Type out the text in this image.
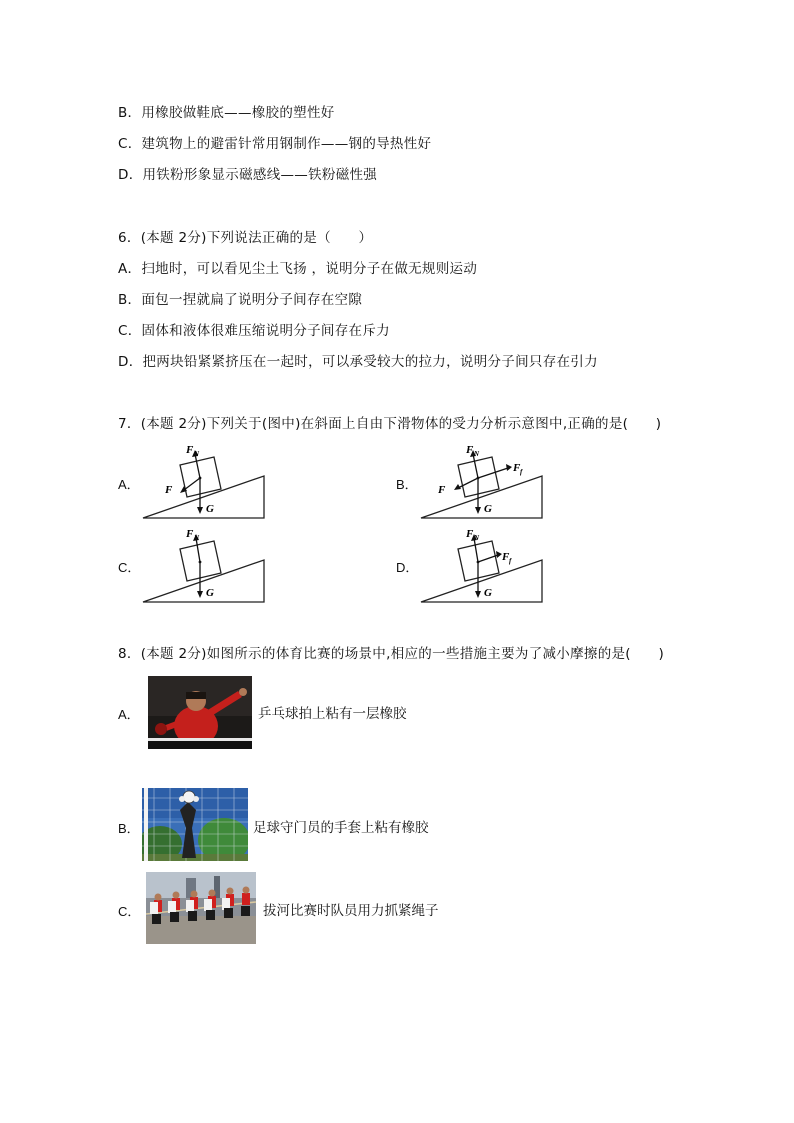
B．用橡胶做鞋底——橡胶的塑性好
C．建筑物上的避雷针常用钢制作——钢的导热性好
D．用铁粉形象显示磁感线——铁粉磁性强
6．(本题 2分)下列说法正确的是（　　）
A．扫地时，可以看见尘土飞扬 ，说明分子在做无规则运动
B．面包一捏就扁了说明分子间存在空隙
C．固体和液体很难压缩说明分子间存在斥力
D．把两块铅紧紧挤压在一起时，可以承受较大的拉力，说明分子间只存在引力
7．(本题 2分)下列关于(图中)在斜面上自由下滑物体的受力分析示意图中,正确的是(　　)
A．	B．
C．	D．
F N
G
F
F N
G
F
F f
F N
G
F N
G
F f
8．(本题 2分)如图所示的体育比赛的场景中,相应的一些措施主要为了减小摩擦的是(　　)
A．	乒乓球拍上粘有一层橡胶
B．	足球守门员的手套上粘有橡胶
C．	拔河比赛时队员用力抓紧绳子
